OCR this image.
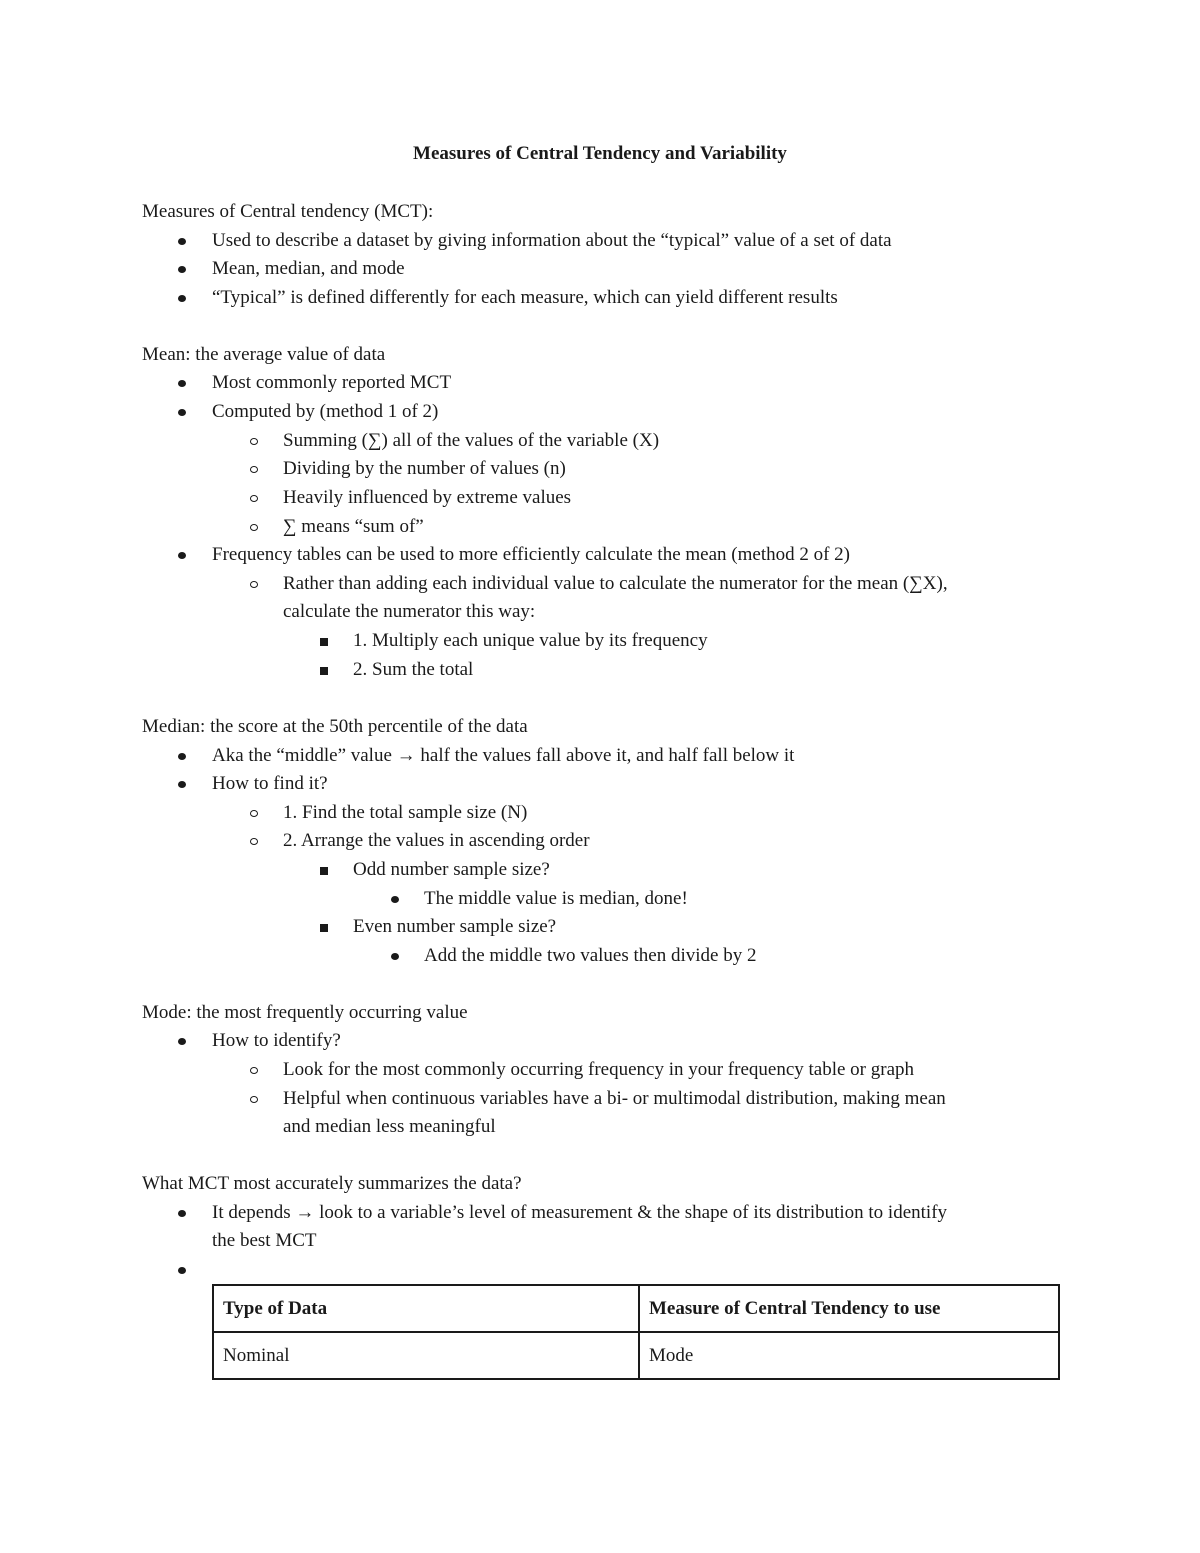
Measures of Central Tendency and Variability
Measures of Central tendency (MCT):
Used to describe a dataset by giving information about the “typical” value of a set of data
Mean, median, and mode
“Typical” is defined differently for each measure, which can yield different results
Mean: the average value of data
Most commonly reported MCT
Computed by (method 1 of 2)
Summing (∑) all of the values of the variable (X)
Dividing by the number of values (n)
Heavily influenced by extreme values
∑ means “sum of”
Frequency tables can be used to more efficiently calculate the mean (method 2 of 2)
Rather than adding each individual value to calculate the numerator for the mean (∑X),
calculate the numerator this way:
1. Multiply each unique value by its frequency
2. Sum the total
Median: the score at the 50th percentile of the data
Aka the “middle” value → half the values fall above it, and half fall below it
How to find it?
1. Find the total sample size (N)
2. Arrange the values in ascending order
Odd number sample size?
The middle value is median, done!
Even number sample size?
Add the middle two values then divide by 2
Mode: the most frequently occurring value
How to identify?
Look for the most commonly occurring frequency in your frequency table or graph
Helpful when continuous variables have a bi- or multimodal distribution, making mean
and median less meaningful
What MCT most accurately summarizes the data?
It depends → look to a variable’s level of measurement & the shape of its distribution to identify
the best MCT
Type of Data	Measure of Central Tendency to use
Nominal	Mode
